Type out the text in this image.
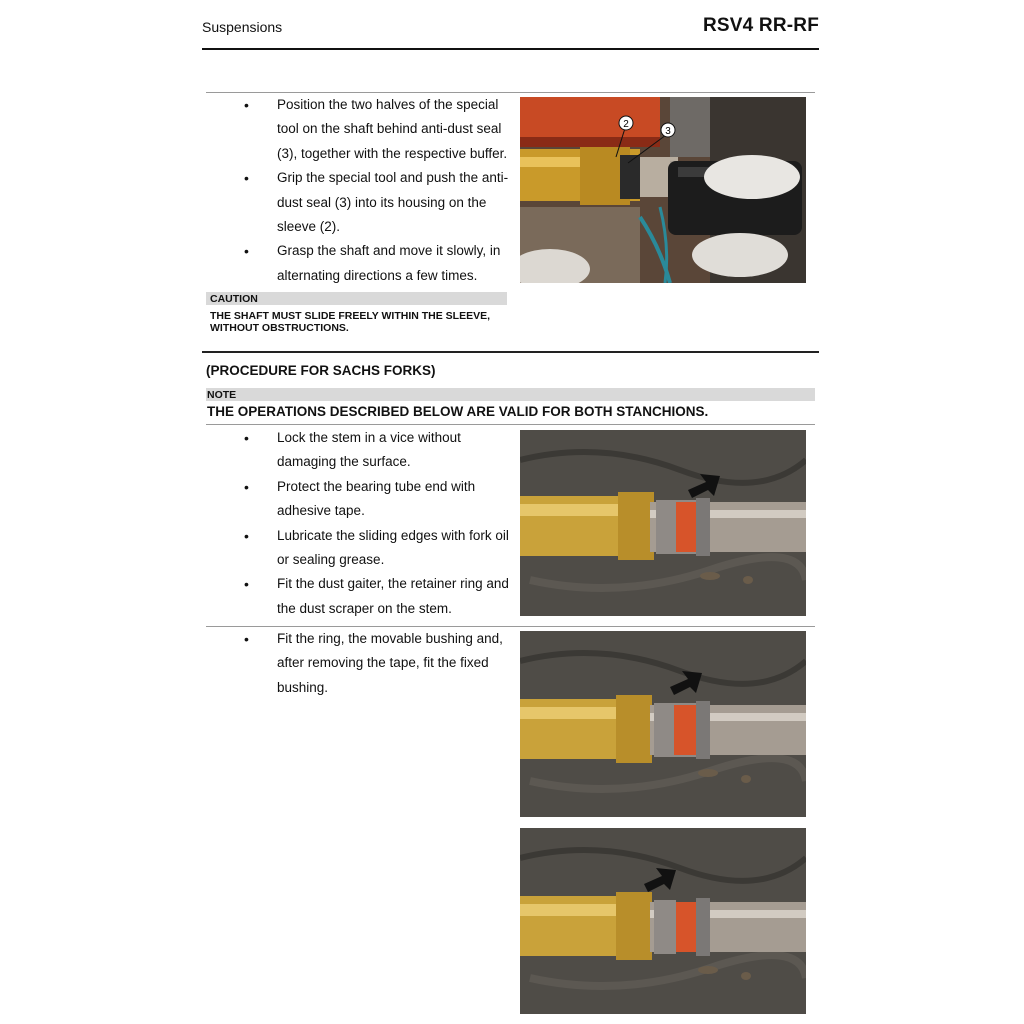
Suspensions	RSV4 RR-RF
• Position the two halves of the special tool on the shaft behind anti-dust seal (3), together with the respective buffer.
• Grip the special tool and push the anti-dust seal (3) into its housing on the sleeve (2).
• Grasp the shaft and move it slowly, in alternating directions a few times.
CAUTION
THE SHAFT MUST SLIDE FREELY WITHIN THE SLEEVE, WITHOUT OBSTRUCTIONS.
2
3
(PROCEDURE FOR SACHS FORKS)
NOTE
THE OPERATIONS DESCRIBED BELOW ARE VALID FOR BOTH STANCHIONS.
• Lock the stem in a vice without damaging the surface.
• Protect the bearing tube end with adhesive tape.
• Lubricate the sliding edges with fork oil or sealing grease.
• Fit the dust gaiter, the retainer ring and the dust scraper on the stem.
• Fit the ring, the movable bushing and, after removing the tape, fit the fixed bushing.
